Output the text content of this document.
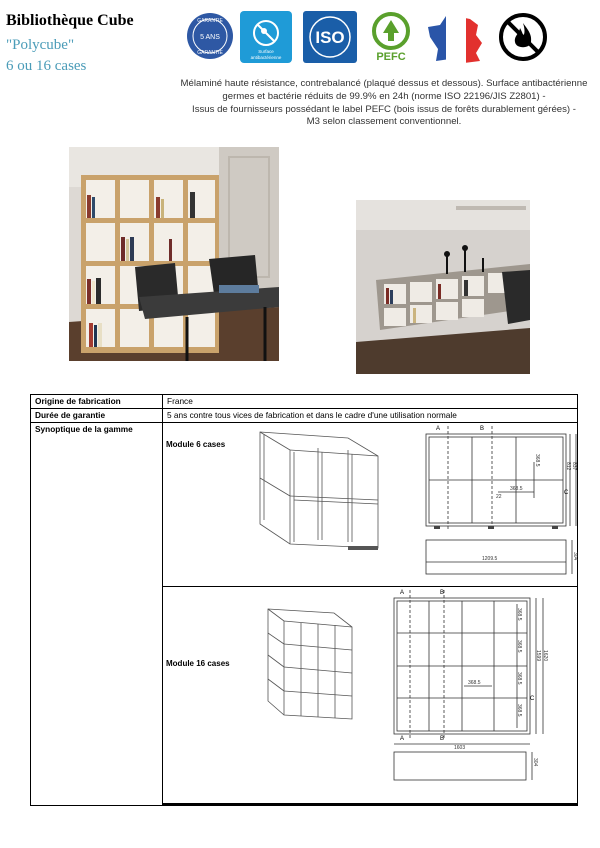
Bibliothèque Cube
"Polycube"
6 ou 16 cases
GARANTIE
5 ANS
GARANTIE	Surface
antibactérienne
ISO
PEFC
Mélaminé haute résistance, contrebalancé (plaqué dessus et dessous). Surface antibactérienne
germes et bactérie réduits de 99.9% en 24h (norme ISO 22196/JIS Z2801) -
Issus de fournisseurs possédant le label PEFC (bois issus de forêts durablement gérées) -
M3 selon classement conventionnel.
Origine de fabrication	France
Durée de garantie	5 ans contre tous vices de fabrication et dans le cadre d'une utilisation normale
Synoptique de la gamme	
Module 6 cases
Module 16 cases
A	B
C
368.5
368.5
22
812 837
1209.5	304
A	B
C
A	B
368.5
368.5
368.5
368.5
368.5
1599 1620
1603
304
